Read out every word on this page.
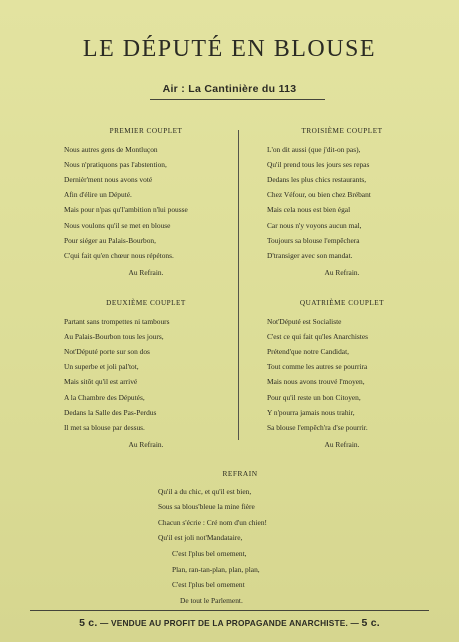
LE DÉPUTÉ EN BLOUSE
Air : La Cantinière du 113
PREMIER COUPLET
Nous autres gens de Montluçon
Nous n'pratiquons pas l'abstention,
Dernièr'ment nous avons voté
Afin d'élire un Député.
Mais pour n'pas qu'l'ambition n'lui pousse
Nous voulons qu'il se met en blouse
Pour siéger au Palais-Bourbon,
C'qui fait qu'en chœur nous répétons.
Au Refrain.
DEUXIÈME COUPLET
Partant sans trompettes ni tambours
Au Palais-Bourbon tous les jours,
Not'Député porte sur son dos
Un superbe et joli pal'tot,
Mais sitôt qu'il est arrivé
A la Chambre des Députés,
Dedans la Salle des Pas-Perdus
Il met sa blouse par dessus.
Au Refrain.
TROISIÈME COUPLET
L'on dit aussi (que j'dit-on pas),
Qu'il prend tous les jours ses repas
Dedans les plus chics restaurants,
Chez Véfour, ou bien chez Brébant
Mais cela nous est bien égal
Car nous n'y voyons aucun mal,
Toujours sa blouse l'empêchera
D'transiger avec son mandat.
Au Refrain.
QUATRIÈME COUPLET
Not'Député est Socialiste
C'est ce qui fait qu'les Anarchistes
Prétend'que notre Candidat,
Tout comme les autres se pourrira
Mais nous avons trouvé l'moyen,
Pour qu'il reste un bon Citoyen,
Y n'pourra jamais nous trahir,
Sa blouse l'empêch'ra d'se pourrir.
Au Refrain.
REFRAIN
Qu'il a du chic, et qu'il est bien,
Sous sa blous'bleue la mine fière
Chacun s'écrie : Cré nom d'un chien!
Qu'il est joli not'Mandataire,
C'est l'plus bel ornement,
Plan, ran-tan-plan, plan, plan,
C'est l'plus bel ornement
De tout le Parlement.
5 c. — VENDUE AU PROFIT DE LA PROPAGANDE ANARCHISTE. — 5 c.
